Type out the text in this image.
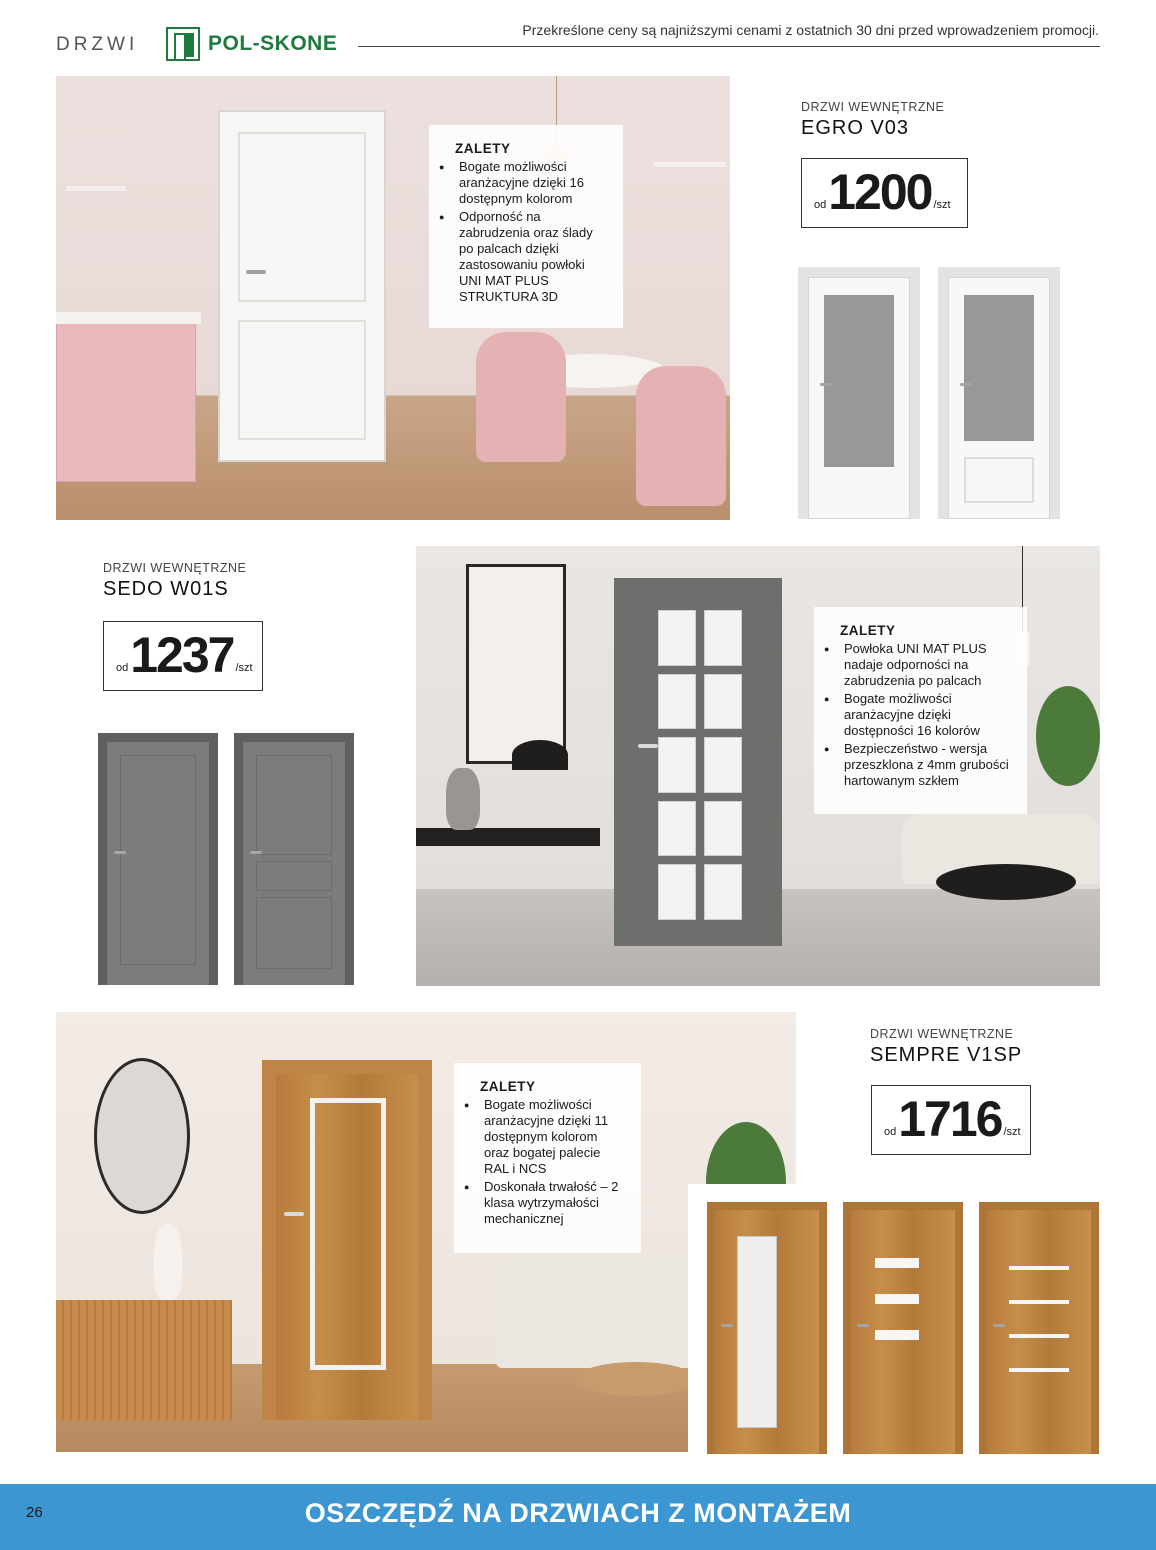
DRZWI	POL-SKONE
Przekreślone ceny są najniższymi cenami z ostatnich 30 dni przed wprowadzeniem promocji.
ZALETY
● Bogate możliwości aranżacyjne dzięki 16 dostępnym kolorom
● Odporność na zabrudzenia oraz ślady po palcach dzięki zastosowaniu powłoki UNI MAT PLUS STRUKTURA 3D
DRZWI WEWNĘTRZNE
EGRO V03
od 1200 /szt
DRZWI WEWNĘTRZNE
SEDO W01S
od 1237 /szt
ZALETY
● Powłoka UNI MAT PLUS nadaje odporności na zabrudzenia po palcach
● Bogate możliwości aranżacyjne dzięki dostępności 16 kolorów
● Bezpieczeństwo - wersja przeszklona z 4mm grubości hartowanym szkłem
ZALETY
● Bogate możliwości aranżacyjne dzięki 11 dostępnym kolorom oraz bogatej palecie RAL i NCS
● Doskonała trwałość – 2 klasa wytrzymałości mechanicznej
DRZWI WEWNĘTRZNE
SEMPRE V1SP
od 1716 /szt
26	OSZCZĘDŹ NA DRZWIACH Z MONTAŻEM
